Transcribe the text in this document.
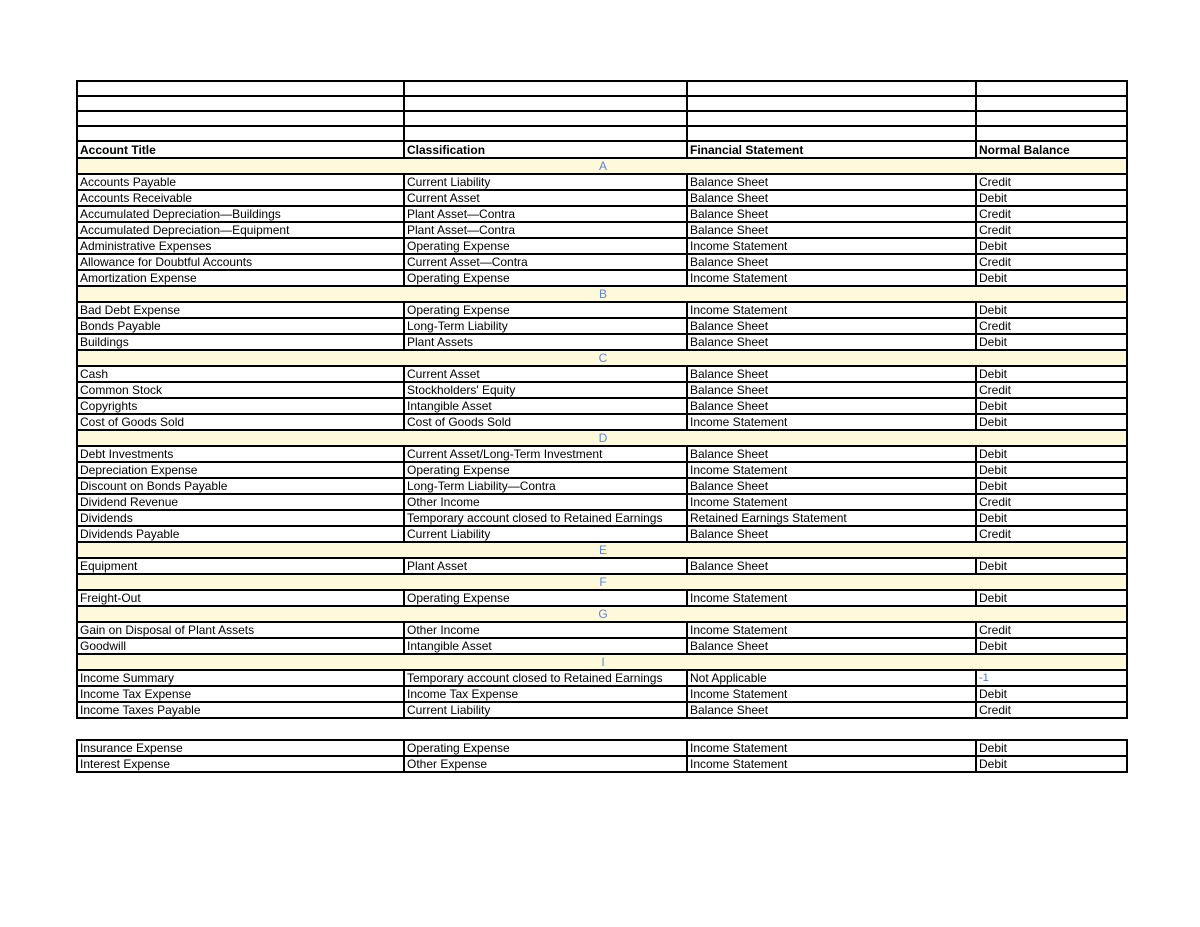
Account Title	Classification	Financial Statement	Normal Balance
A			
Accounts Payable	Current Liability	Balance Sheet	Credit
Accounts Receivable	Current Asset	Balance Sheet	Debit
Accumulated Depreciation—Buildings	Plant Asset—Contra	Balance Sheet	Credit
Accumulated Depreciation—Equipment	Plant Asset—Contra	Balance Sheet	Credit
Administrative Expenses	Operating Expense	Income Statement	Debit
Allowance for Doubtful Accounts	Current Asset—Contra	Balance Sheet	Credit
Amortization Expense	Operating Expense	Income Statement	Debit
B			
Bad Debt Expense	Operating Expense	Income Statement	Debit
Bonds Payable	Long-Term Liability	Balance Sheet	Credit
Buildings	Plant Assets	Balance Sheet	Debit
C			
Cash	Current Asset	Balance Sheet	Debit
Common Stock	Stockholders' Equity	Balance Sheet	Credit
Copyrights	Intangible Asset	Balance Sheet	Debit
Cost of Goods Sold	Cost of Goods Sold	Income Statement	Debit
D			
Debt Investments	Current Asset/Long-Term Investment	Balance Sheet	Debit
Depreciation Expense	Operating Expense	Income Statement	Debit
Discount on Bonds Payable	Long-Term Liability—Contra	Balance Sheet	Debit
Dividend Revenue	Other Income	Income Statement	Credit
Dividends	Temporary account closed to Retained Earnings	Retained Earnings Statement	Debit
Dividends Payable	Current Liability	Balance Sheet	Credit
E			
Equipment	Plant Asset	Balance Sheet	Debit
F			
Freight-Out	Operating Expense	Income Statement	Debit
G			
Gain on Disposal of Plant Assets	Other Income	Income Statement	Credit
Goodwill	Intangible Asset	Balance Sheet	Debit
I			
Income Summary	Temporary account closed to Retained Earnings	Not Applicable	-1
Income Tax Expense	Income Tax Expense	Income Statement	Debit
Income Taxes Payable	Current Liability	Balance Sheet	Credit

Insurance Expense	Operating Expense	Income Statement	Debit
Interest Expense	Other Expense	Income Statement	Debit
